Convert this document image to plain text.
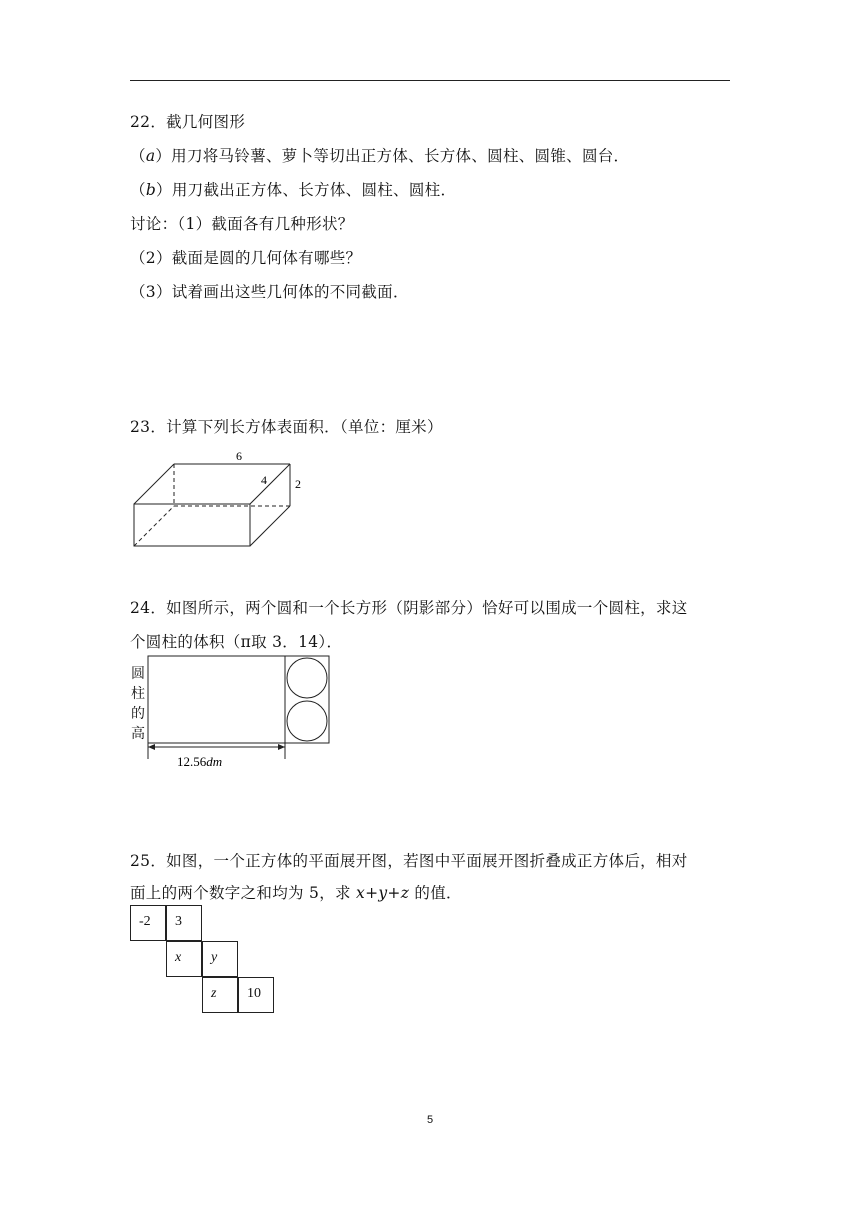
22．截几何图形
（a）用刀将马铃薯、萝卜等切出正方体、长方体、圆柱、圆锥、圆台．
（b）用刀截出正方体、长方体、圆柱、圆柱．
讨论：（1）截面各有几种形状？
（2）截面是圆的几何体有哪些？
（3）试着画出这些几何体的不同截面．
23．计算下列长方体表面积．（单位：厘米）
6
4 2
24．如图所示，两个圆和一个长方形（阴影部分）恰好可以围成一个圆柱，求这
个圆柱的体积（π取 3．14）．
圆柱的高
12.56dm
25．如图，一个正方体的平面展开图，若图中平面展开图折叠成正方体后，相对
面上的两个数字之和均为 5，求 x+y+z 的值．
-2	3
x	y
z	10
5
